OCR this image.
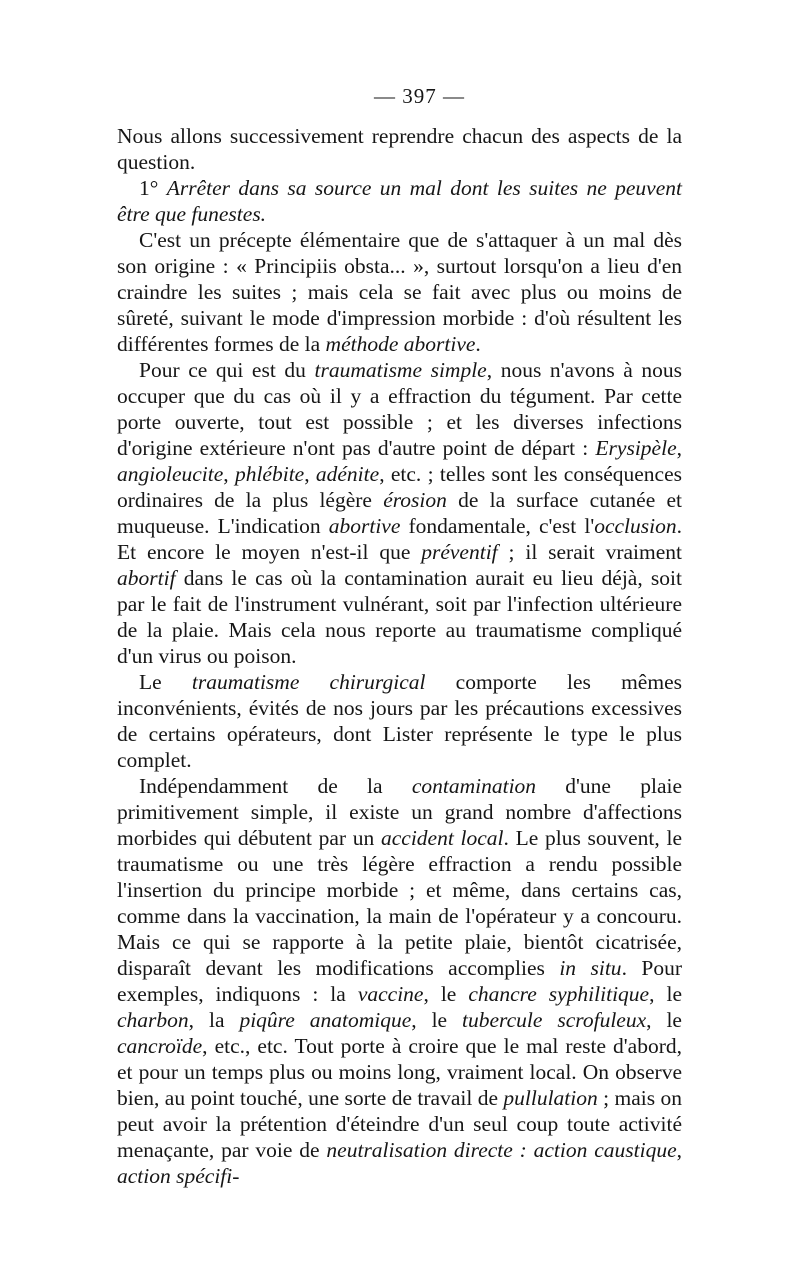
— 397 —

Nous allons successivement reprendre chacun des aspects de la question.

1° Arrêter dans sa source un mal dont les suites ne peuvent être que funestes.

C'est un précepte élémentaire que de s'attaquer à un mal dès son origine : « Principiis obsta... », surtout lorsqu'on a lieu d'en craindre les suites ; mais cela se fait avec plus ou moins de sûreté, suivant le mode d'impression morbide : d'où résultent les différentes formes de la méthode abortive.

Pour ce qui est du traumatisme simple, nous n'avons à nous occuper que du cas où il y a effraction du tégument. Par cette porte ouverte, tout est possible ; et les diverses infections d'origine extérieure n'ont pas d'autre point de départ : Erysipèle, angioleucite, phlébite, adénite, etc. ; telles sont les conséquences ordinaires de la plus légère érosion de la surface cutanée et muqueuse. L'indication abortive fondamentale, c'est l'occlusion. Et encore le moyen n'est-il que préventif ; il serait vraiment abortif dans le cas où la contamination aurait eu lieu déjà, soit par le fait de l'instrument vulnérant, soit par l'infection ultérieure de la plaie. Mais cela nous reporte au traumatisme compliqué d'un virus ou poison.

Le traumatisme chirurgical comporte les mêmes inconvénients, évités de nos jours par les précautions excessives de certains opérateurs, dont Lister représente le type le plus complet.

Indépendamment de la contamination d'une plaie primitivement simple, il existe un grand nombre d'affections morbides qui débutent par un accident local. Le plus souvent, le traumatisme ou une très légère effraction a rendu possible l'insertion du principe morbide ; et même, dans certains cas, comme dans la vaccination, la main de l'opérateur y a concouru. Mais ce qui se rapporte à la petite plaie, bientôt cicatrisée, disparaît devant les modifications accomplies in situ. Pour exemples, indiquons : la vaccine, le chancre syphilitique, le charbon, la piqûre anatomique, le tubercule scrofuleux, le cancroïde, etc., etc. Tout porte à croire que le mal reste d'abord, et pour un temps plus ou moins long, vraiment local. On observe bien, au point touché, une sorte de travail de pullulation ; mais on peut avoir la prétention d'éteindre d'un seul coup toute activité menaçante, par voie de neutralisation directe : action caustique, action spécifi-
